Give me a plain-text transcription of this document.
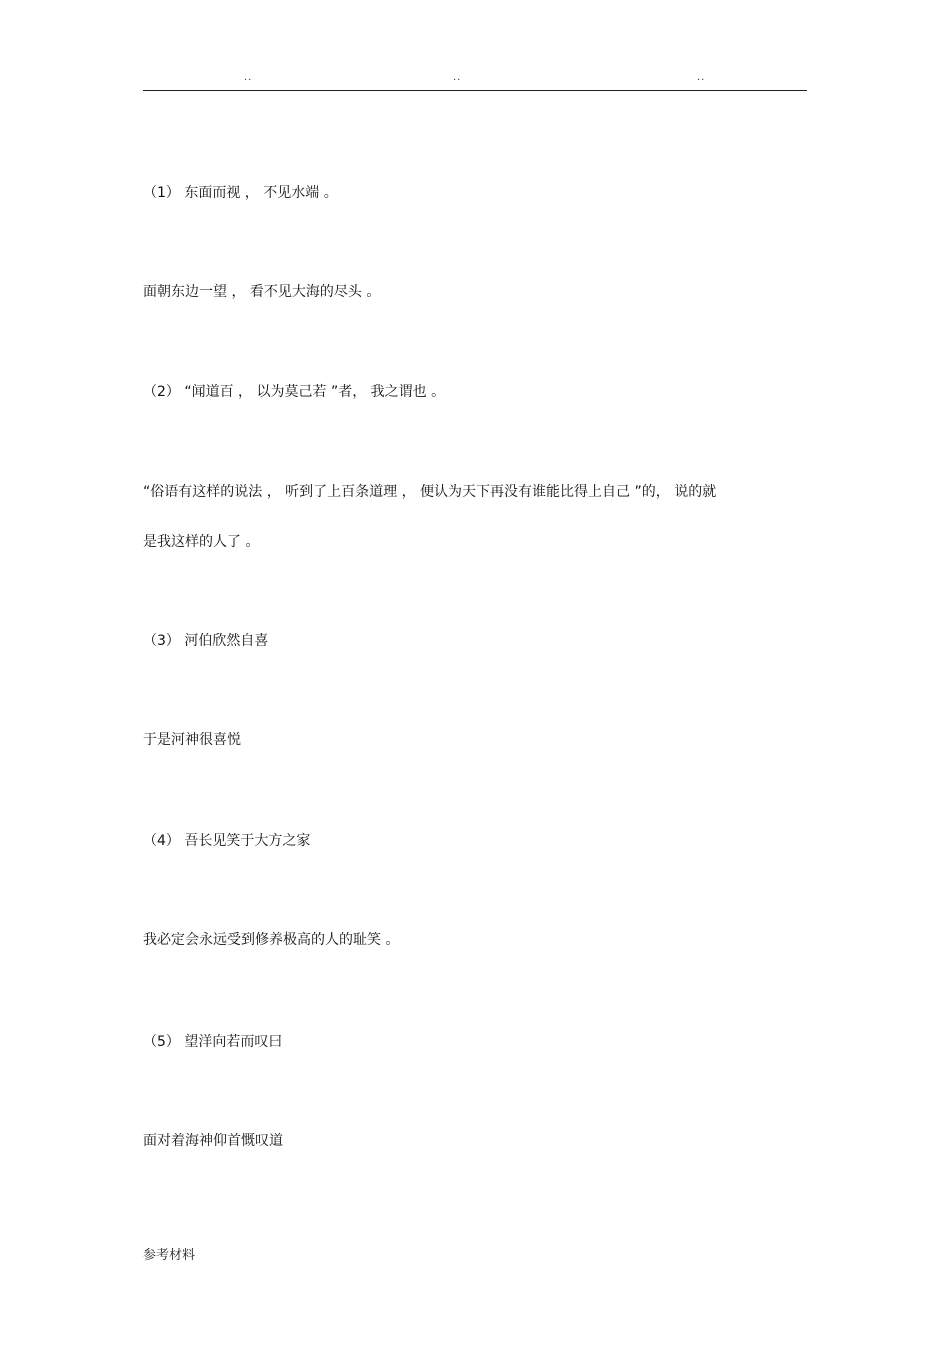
..	..	..
（1） 东面而视 ， 不见水端 。
面朝东边一望 ， 看不见大海的尽头 。
（2） “闻道百 ， 以为莫己若 ”者， 我之谓也 。
“俗语有这样的说法 ， 听到了上百条道理 ， 便认为天下再没有谁能比得上自己 ”的， 说的就
是我这样的人了 。
（3） 河伯欣然自喜
于是河神很喜悦
（4） 吾长见笑于大方之家
我必定会永远受到修养极高的人的耻笑 。
（5） 望洋向若而叹曰
面对着海神仰首慨叹道
参考材料
